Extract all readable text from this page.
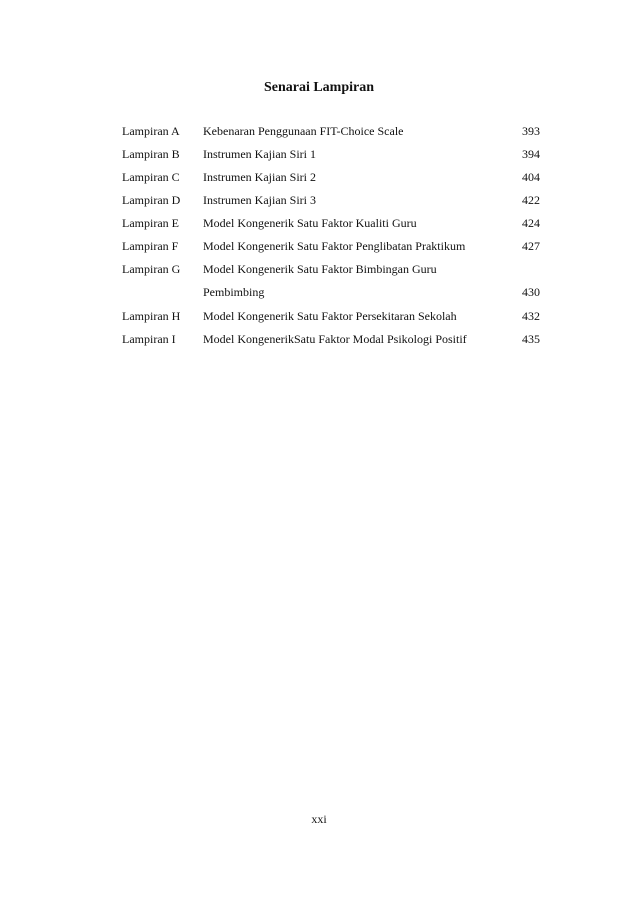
Senarai Lampiran
Lampiran A	Kebenaran Penggunaan FIT-Choice Scale	393
Lampiran B	Instrumen Kajian Siri 1	394
Lampiran C	Instrumen Kajian Siri 2	404
Lampiran D	Instrumen Kajian Siri 3	422
Lampiran E	Model Kongenerik Satu Faktor Kualiti Guru	424
Lampiran F	Model Kongenerik Satu Faktor Penglibatan Praktikum	427
Lampiran G	Model Kongenerik Satu Faktor Bimbingan Guru
Pembimbing	430
Lampiran H	Model Kongenerik Satu Faktor Persekitaran Sekolah	432
Lampiran I	Model KongenerikSatu Faktor Modal Psikologi Positif	435
xxi
